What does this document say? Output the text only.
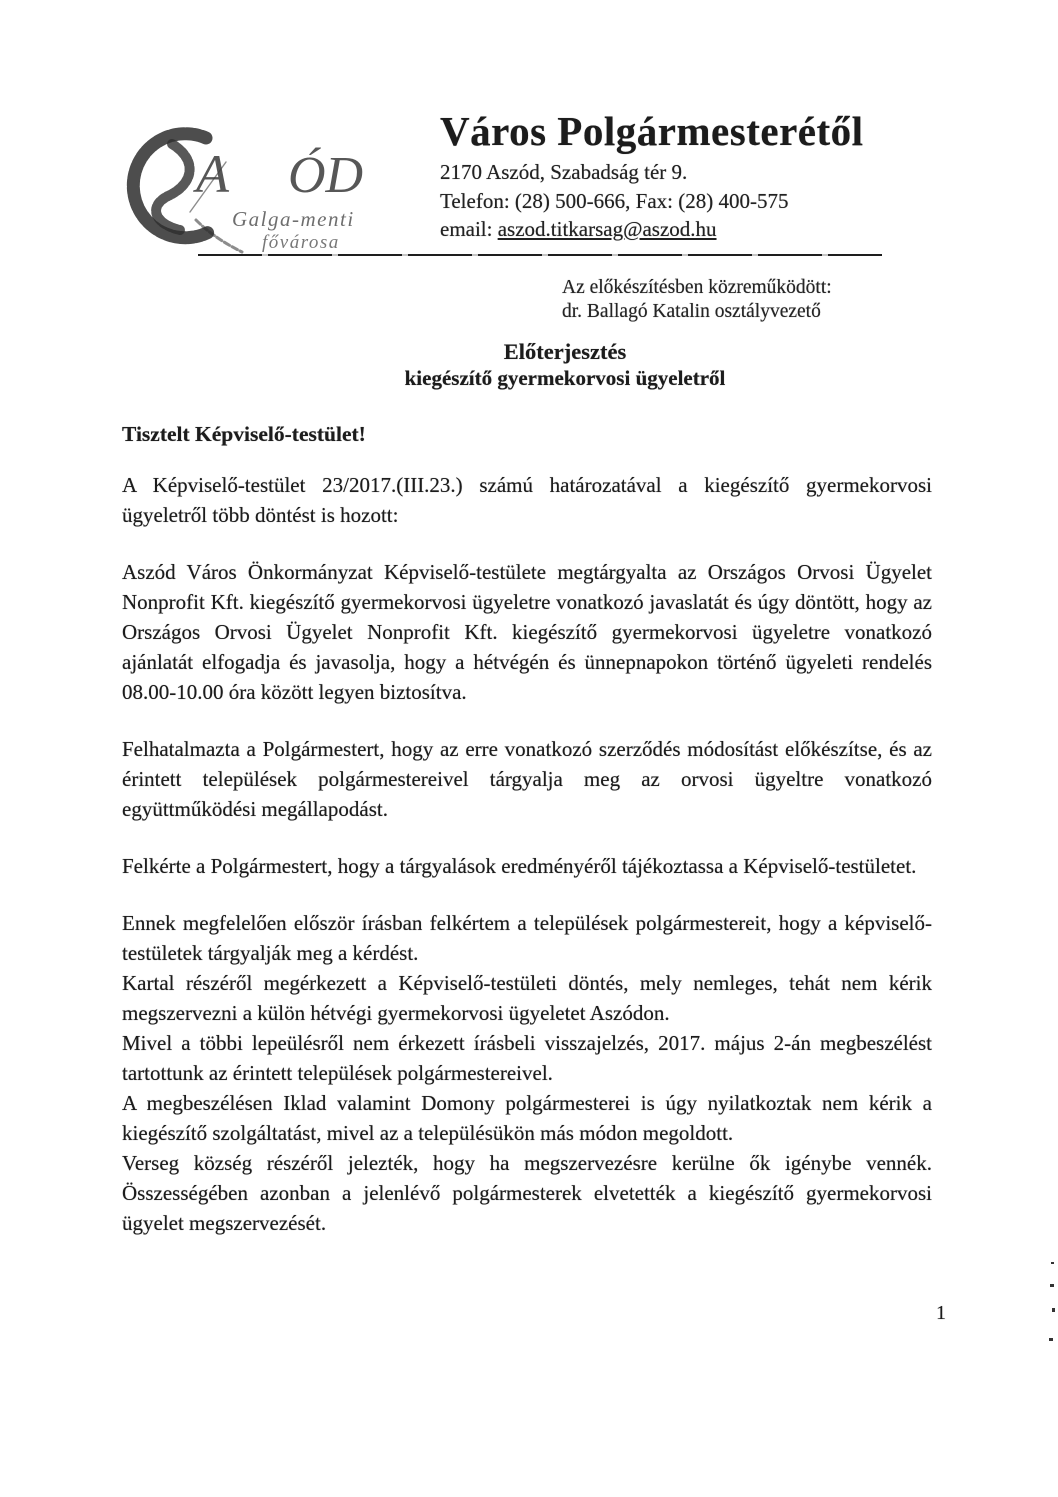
A ÓD
Galga-menti
fővárosa
Város Polgármesterétől
2170 Aszód, Szabadság tér 9.
Telefon: (28) 500-666, Fax: (28) 400-575
email: aszod.titkarsag@aszod.hu
Az előkészítésben közreműködött:
dr. Ballagó Katalin osztályvezető
Előterjesztés
kiegészítő gyermekorvosi ügyeletről
Tisztelt Képviselő-testület!

A Képviselő-testület 23/2017.(III.23.) számú határozatával a kiegészítő gyermekorvosi ügyeletről több döntést is hozott:

Aszód Város Önkormányzat Képviselő-testülete megtárgyalta az Országos Orvosi Ügyelet Nonprofit Kft. kiegészítő gyermekorvosi ügyeletre vonatkozó javaslatát és úgy döntött, hogy az Országos Orvosi Ügyelet Nonprofit Kft. kiegészítő gyermekorvosi ügyeletre vonatkozó ajánlatát elfogadja és javasolja, hogy a hétvégén és ünnepnapokon történő ügyeleti rendelés 08.00-10.00 óra között legyen biztosítva.

Felhatalmazta a Polgármestert, hogy az erre vonatkozó szerződés módosítást előkészítse, és az érintett települések polgármestereivel tárgyalja meg az orvosi ügyeltre vonatkozó együttműködési megállapodást.

Felkérte a Polgármestert, hogy a tárgyalások eredményéről tájékoztassa a Képviselő-testületet.

Ennek megfelelően először írásban felkértem a települések polgármestereit, hogy a képviselő-testületek tárgyalják meg a kérdést.

Kartal részéről megérkezett a Képviselő-testületi döntés, mely nemleges, tehát nem kérik megszervezni a külön hétvégi gyermekorvosi ügyeletet Aszódon.

Mivel a többi lepeülésről nem érkezett írásbeli visszajelzés, 2017. május 2-án megbeszélést tartottunk az érintett települések polgármestereivel.

A megbeszélésen Iklad valamint Domony polgármesterei is úgy nyilatkoztak nem kérik a kiegészítő szolgáltatást, mivel az a településükön más módon megoldott.

Verseg község részéről jelezték, hogy ha megszervezésre kerülne ők igénybe vennék. Összességében azonban a jelenlévő polgármesterek elvetették a kiegészítő gyermekorvosi ügyelet megszervezését.

1
